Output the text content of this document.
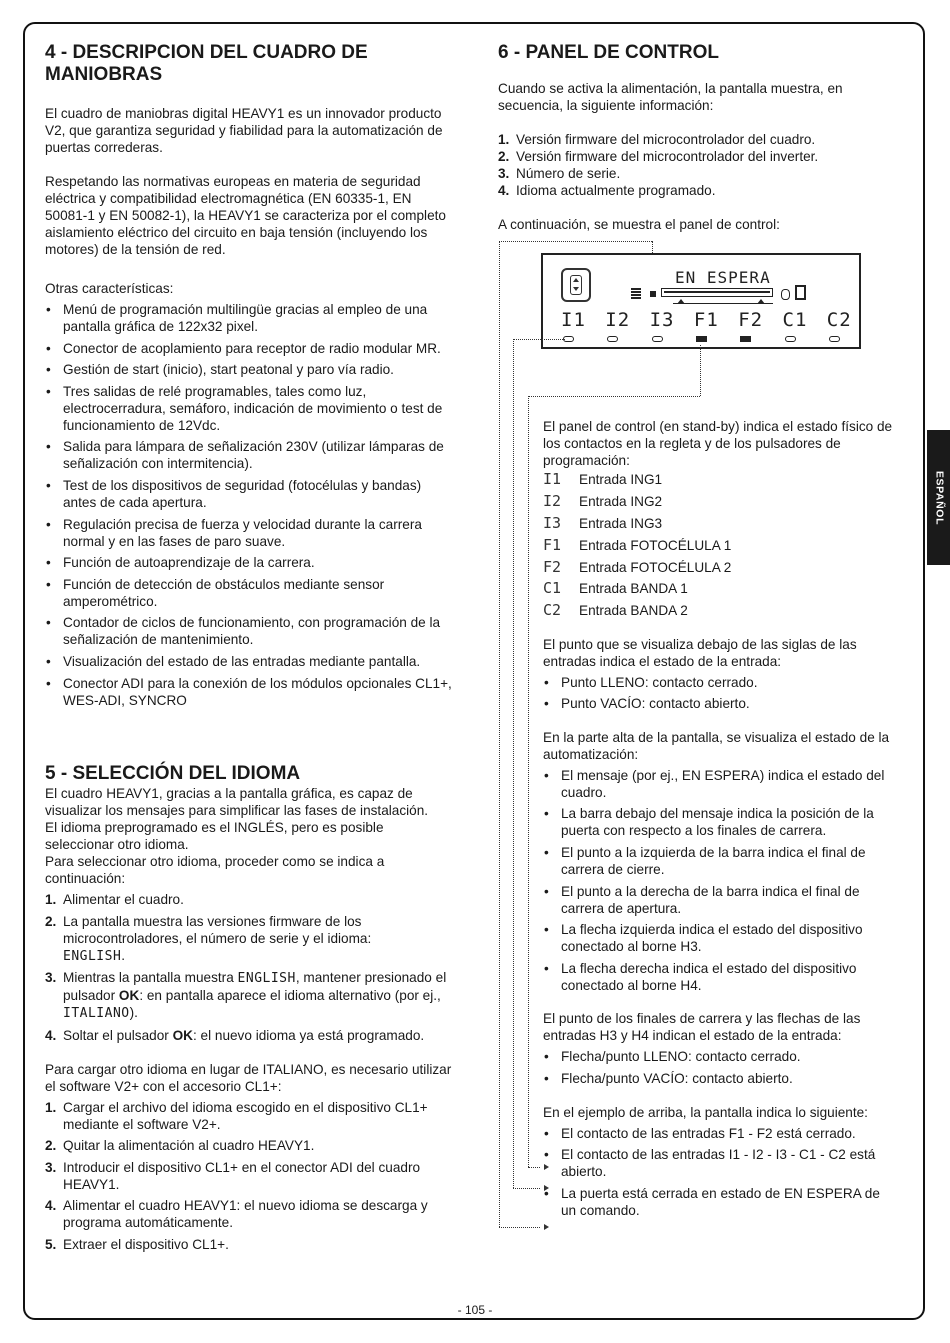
ESPAÑOL
4 - DESCRIPCION DEL CUADRO DE MANIOBRAS

El cuadro de maniobras digital HEAVY1 es un innovador producto V2, que garantiza seguridad y fiabilidad para la automatización de puertas correderas.

Respetando las normativas europeas en materia de seguridad eléctrica y compatibilidad electromagnética (EN 60335-1, EN 50081-1 y EN 50082-1), la HEAVY1 se caracteriza por el completo aislamiento eléctrico del circuito en baja tensión (incluyendo los motores) de la tensión de red.

Otras características:

• Menú de programación multilingüe gracias al empleo de una pantalla gráfica de 122x32 pixel.
• Conector de acoplamiento para receptor de radio modular MR.
• Gestión de start (inicio), start peatonal y paro vía radio.
• Tres salidas de relé programables, tales como luz, electrocerradura, semáforo, indicación de movimiento o test de funcionamiento de 12Vdc.
• Salida para lámpara de señalización 230V (utilizar lámparas de señalización con intermitencia).
• Test de los dispositivos de seguridad (fotocélulas y bandas) antes de cada apertura.
• Regulación precisa de fuerza y velocidad durante la carrera normal y en las fases de paro suave.
• Función de autoaprendizaje de la carrera.
• Función de detección de obstáculos mediante sensor amperométrico.
• Contador de ciclos de funcionamiento, con programación de la señalización de mantenimiento.
• Visualización del estado de las entradas mediante pantalla.
• Conector ADI para la conexión de los módulos opcionales CL1+, WES-ADI, SYNCRO
5 - SELECCIÓN DEL IDIOMA

El cuadro HEAVY1, gracias a la pantalla gráfica, es capaz de visualizar los mensajes para simplificar las fases de instalación.

El idioma preprogramado es el INGLÉS, pero es posible seleccionar otro idioma.

Para seleccionar otro idioma, proceder como se indica a continuación:

1. Alimentar el cuadro.
2. La pantalla muestra las versiones firmware de los microcontroladores, el número de serie y el idioma:
ENGLISH.
3. Mientras la pantalla muestra ENGLISH, mantener presionado el pulsador OK: en pantalla aparece el idioma alternativo (por ej., ITALIANO).
4. Soltar el pulsador OK: el nuevo idioma ya está programado.

Para cargar otro idioma en lugar de ITALIANO, es necesario utilizar el software V2+ con el accesorio CL1+:

1. Cargar el archivo del idioma escogido en el dispositivo CL1+ mediante el software V2+.
2. Quitar la alimentación al cuadro HEAVY1.
3. Introducir el dispositivo CL1+ en el conector ADI del cuadro HEAVY1.
4. Alimentar el cuadro HEAVY1: el nuevo idioma se descarga y programa automáticamente.
5. Extraer el dispositivo CL1+.
6 - PANEL DE CONTROL

Cuando se activa la alimentación, la pantalla muestra, en secuencia, la siguiente información:

1. Versión firmware del microcontrolador del cuadro.
2. Versión firmware del microcontrolador del inverter.
3. Número de serie.
4. Idioma actualmente programado.

A continuación, se muestra el panel de control:

EN ESPERA
I1 I2 I3 F1 F2 C1 C2

El panel de control (en stand-by) indica el estado físico de los contactos en la regleta y de los pulsadores de programación:

I1	Entrada ING1
I2	Entrada ING2
I3	Entrada ING3
F1	Entrada FOTOCÉLULA 1
F2	Entrada FOTOCÉLULA 2
C1	Entrada BANDA 1
C2	Entrada BANDA 2

El punto que se visualiza debajo de las siglas de las entradas indica el estado de la entrada:

• Punto LLENO: contacto cerrado.
• Punto VACÍO: contacto abierto.

En la parte alta de la pantalla, se visualiza el estado de la automatización:

• El mensaje (por ej., EN ESPERA) indica el estado del cuadro.
• La barra debajo del mensaje indica la posición de la puerta con respecto a los finales de carrera.
• El punto a la izquierda de la barra indica el final de carrera de cierre.
• El punto a la derecha de la barra indica el final de carrera de apertura.
• La flecha izquierda indica el estado del dispositivo conectado al borne H3.
• La flecha derecha indica el estado del dispositivo conectado al borne H4.

El punto de los finales de carrera y las flechas de las entradas H3 y H4 indican el estado de la entrada:

• Flecha/punto LLENO: contacto cerrado.
• Flecha/punto VACÍO: contacto abierto.

En el ejemplo de arriba, la pantalla indica lo siguiente:

• El contacto de las entradas F1 - F2 está cerrado.
• El contacto de las entradas I1 - I2 - I3 - C1 - C2 está abierto.
• La puerta está cerrada en estado de EN ESPERA de un comando.
- 105 -
